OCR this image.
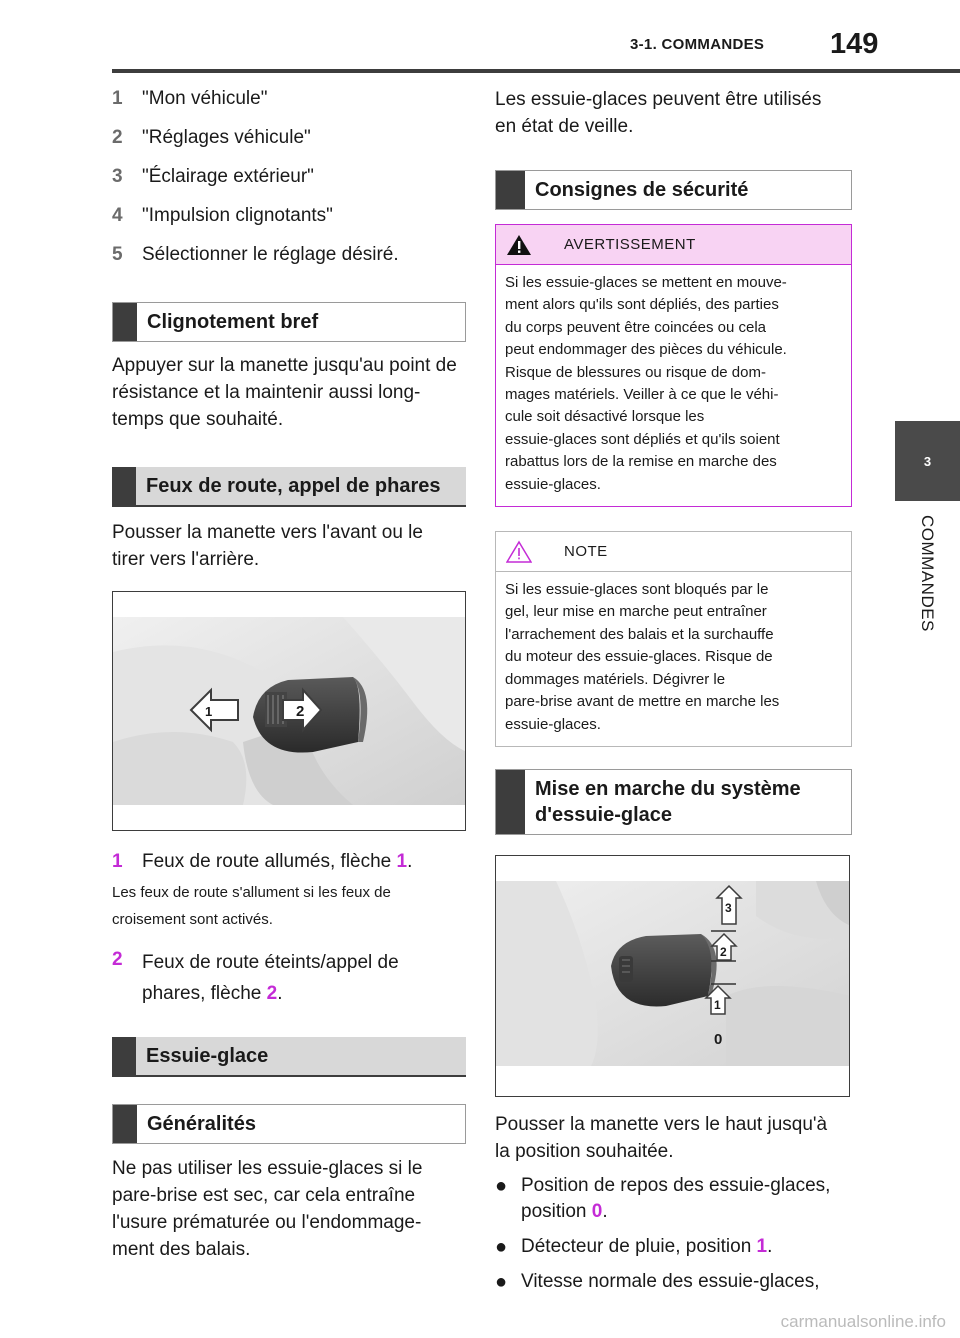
3-1. COMMANDES 149
3
COMMANDES
1	"Mon véhicule"
2	"Réglages véhicule"
3	"Éclairage extérieur"
4	"Impulsion clignotants"
5	Sélectionner le réglage désiré.
Clignotement bref

Appuyer sur la manette jusqu'au point de résistance et la maintenir aussi long-temps que souhaité.

Feux de route, appel de phares

Pousser la manette vers l'avant ou le tirer vers l'arrière.

1	2
1	Feux de route allumés, flèche 1.
Les feux de route s'allument si les feux de
croisement sont activés.
2	Feux de route éteints/appel de
phares, flèche 2.
Essuie-glace
Généralités

Ne pas utiliser les essuie-glaces si le pare-brise est sec, car cela entraîne l'usure prématurée ou l'endommage-ment des balais.

Les essuie-glaces peuvent être utilisés
en état de veille.
Consignes de sécurité
AVERTISSEMENT
Si les essuie-glaces se mettent en mouve-
ment alors qu'ils sont dépliés, des parties
du corps peuvent être coincées ou cela
peut endommager des pièces du véhicule.
Risque de blessures ou risque de dom-
mages matériels. Veiller à ce que le véhi-
cule soit désactivé lorsque les
essuie-glaces sont dépliés et qu'ils soient
rabattus lors de la remise en marche des
essuie-glaces.
NOTE
Si les essuie-glaces sont bloqués par le
gel, leur mise en marche peut entraîner
l'arrachement des balais et la surchauffe
du moteur des essuie-glaces. Risque de
dommages matériels. Dégivrer le
pare-brise avant de mettre en marche les
essuie-glaces.
Mise en marche du système
d'essuie-glace
3
2
1
0
Pousser la manette vers le haut jusqu'à
la position souhaitée.
● Position de repos des essuie-glaces,
position 0.
● Détecteur de pluie, position 1.
● Vitesse normale des essuie-glaces,
carmanualsonline.info
